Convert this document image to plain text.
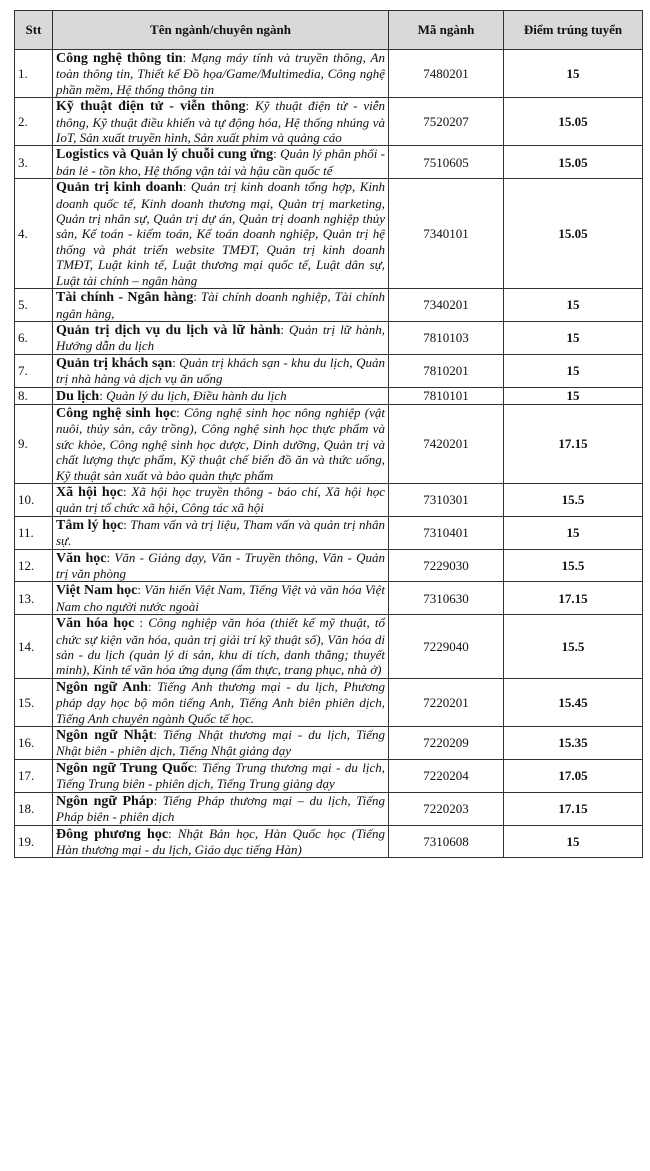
Stt	Tên ngành/chuyên ngành	Mã ngành	Điểm trúng tuyển
1.	Công nghệ thông tin: Mạng máy tính và truyền thông, An toàn thông tin, Thiết kế Đồ họa/Game/Multimedia, Công nghệ phần mềm, Hệ thống thông tin	7480201	15
2.	Kỹ thuật điện tử - viễn thông: Kỹ thuật điện tử - viễn thông, Kỹ thuật điều khiển và tự động hóa, Hệ thống nhúng và IoT, Sản xuất truyền hình, Sản xuất phim và quảng cáo	7520207	15.05
3.	Logistics và Quản lý chuỗi cung ứng: Quản lý phân phối - bán lẻ - tồn kho, Hệ thống vận tải và hậu cần quốc tế	7510605	15.05
4.	Quản trị kinh doanh: Quản trị kinh doanh tổng hợp, Kinh doanh quốc tế, Kinh doanh thương mại, Quản trị marketing, Quản trị nhân sự, Quản trị dự án, Quản trị doanh nghiệp thủy sản, Kế toán - kiểm toán, Kế toán doanh nghiệp, Quản trị hệ thống và phát triển website TMĐT, Quản trị kinh doanh TMĐT, Luật kinh tế, Luật thương mại quốc tế, Luật dân sự, Luật tài chính – ngân hàng	7340101	15.05
5.	Tài chính - Ngân hàng: Tài chính doanh nghiệp, Tài chính ngân hàng,	7340201	15
6.	Quản trị dịch vụ du lịch và lữ hành: Quản trị lữ hành, Hướng dẫn du lịch	7810103	15
7.	Quản trị khách sạn: Quản trị khách sạn - khu du lịch, Quản trị nhà hàng và dịch vụ ăn uống	7810201	15
8.	Du lịch: Quản lý du lịch, Điều hành du lịch	7810101	15
9.	Công nghệ sinh học: Công nghệ sinh học nông nghiệp (vật nuôi, thủy sản, cây trồng), Công nghệ sinh học thực phẩm và sức khỏe, Công nghệ sinh học dược, Dinh dưỡng, Quản trị và chất lượng thực phẩm, Kỹ thuật chế biến đồ ăn và thức uống, Kỹ thuật sản xuất và bảo quản thực phẩm	7420201	17.15
10.	Xã hội học: Xã hội học truyền thông - báo chí, Xã hội học quản trị tổ chức xã hội, Công tác xã hội	7310301	15.5
11.	Tâm lý học: Tham vấn và trị liệu, Tham vấn và quản trị nhân sự.	7310401	15
12.	Văn học: Văn - Giảng dạy, Văn - Truyền thông, Văn - Quản trị văn phòng	7229030	15.5
13.	Việt Nam học: Văn hiến Việt Nam, Tiếng Việt và văn hóa Việt Nam cho người nước ngoài	7310630	17.15
14.	Văn hóa học : Công nghiệp văn hóa (thiết kế mỹ thuật, tổ chức sự kiện văn hóa, quản trị giải trí kỹ thuật số), Văn hóa di sản - du lịch (quản lý di sản, khu di tích, danh thắng; thuyết minh), Kinh tế văn hóa ứng dụng (ẩm thực, trang phục, nhà ở)	7229040	15.5
15.	Ngôn ngữ Anh: Tiếng Anh thương mại - du lịch, Phương pháp dạy học bộ môn tiếng Anh, Tiếng Anh biên phiên dịch, Tiếng Anh chuyên ngành Quốc tế học.	7220201	15.45
16.	Ngôn ngữ Nhật: Tiếng Nhật thương mại - du lịch, Tiếng Nhật biên - phiên dịch, Tiếng Nhật giảng dạy	7220209	15.35
17.	Ngôn ngữ Trung Quốc: Tiếng Trung thương mại - du lịch, Tiếng Trung biên - phiên dịch, Tiếng Trung giảng dạy	7220204	17.05
18.	Ngôn ngữ Pháp: Tiếng Pháp thương mại – du lịch, Tiếng Pháp biên - phiên dịch	7220203	17.15
19.	Đông phương học: Nhật Bản học, Hàn Quốc học (Tiếng Hàn thương mại - du lịch, Giáo dục tiếng Hàn)	7310608	15
